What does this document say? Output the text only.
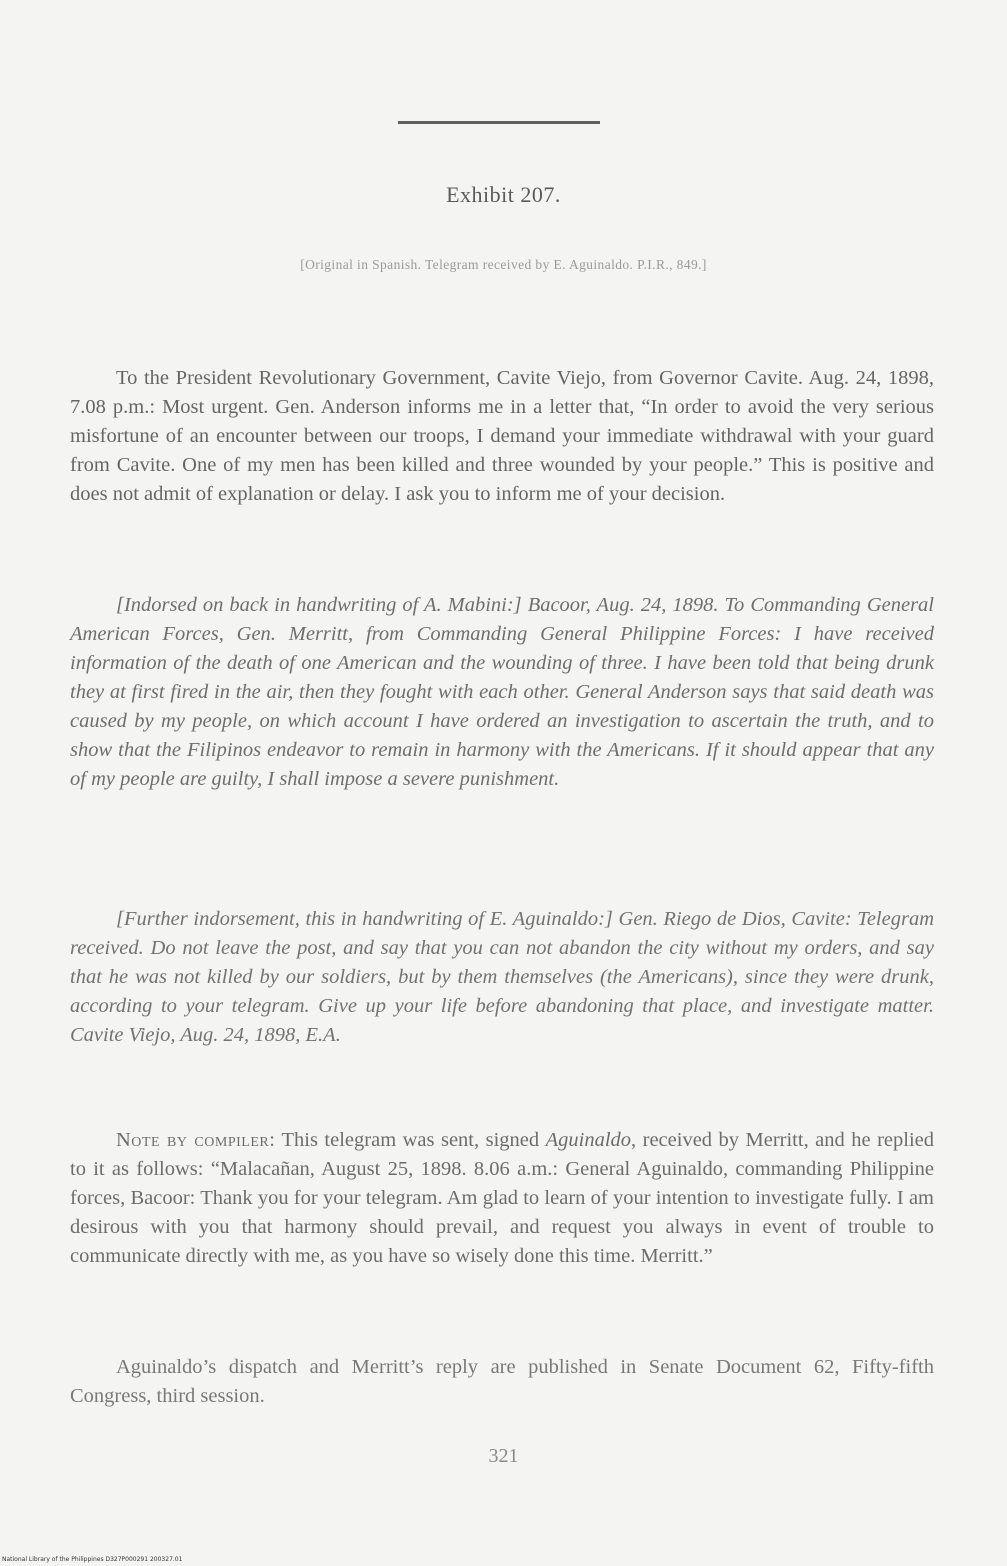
Exhibit 207.
[Original in Spanish. Telegram received by E. Aguinaldo. P.I.R., 849.]

To the President Revolutionary Government, Cavite Viejo, from Governor Cavite. Aug. 24, 1898, 7.08 p.m.: Most urgent. Gen. Anderson informs me in a letter that, “In order to avoid the very serious misfortune of an encounter between our troops, I demand your immediate withdrawal with your guard from Cavite. One of my men has been killed and three wounded by your people.” This is positive and does not admit of explanation or delay. I ask you to inform me of your decision.

[Indorsed on back in handwriting of A. Mabini:] Bacoor, Aug. 24, 1898. To Commanding General American Forces, Gen. Merritt, from Commanding General Philippine Forces: I have received information of the death of one American and the wounding of three. I have been told that being drunk they at first fired in the air, then they fought with each other. General Anderson says that said death was caused by my people, on which account I have ordered an investigation to ascertain the truth, and to show that the Filipinos endeavor to remain in harmony with the Americans. If it should appear that any of my people are guilty, I shall impose a severe punishment.

[Further indorsement, this in handwriting of E. Aguinaldo:] Gen. Riego de Dios, Cavite: Telegram received. Do not leave the post, and say that you can not abandon the city without my orders, and say that he was not killed by our soldiers, but by them themselves (the Americans), since they were drunk, according to your telegram. Give up your life before abandoning that place, and investigate matter. Cavite Viejo, Aug. 24, 1898, E.A.

Note by compiler: This telegram was sent, signed Aguinaldo, received by Merritt, and he replied to it as follows: “Malacañan, August 25, 1898. 8.06 a.m.: General Aguinaldo, commanding Philippine forces, Bacoor: Thank you for your telegram. Am glad to learn of your intention to investigate fully. I am desirous with you that harmony should prevail, and request you always in event of trouble to communicate directly with me, as you have so wisely done this time. Merritt.”

Aguinaldo’s dispatch and Merritt’s reply are published in Senate Document 62, Fifty-fifth Congress, third session.

321
National Library of the Philippines D327P000291 200327.01
